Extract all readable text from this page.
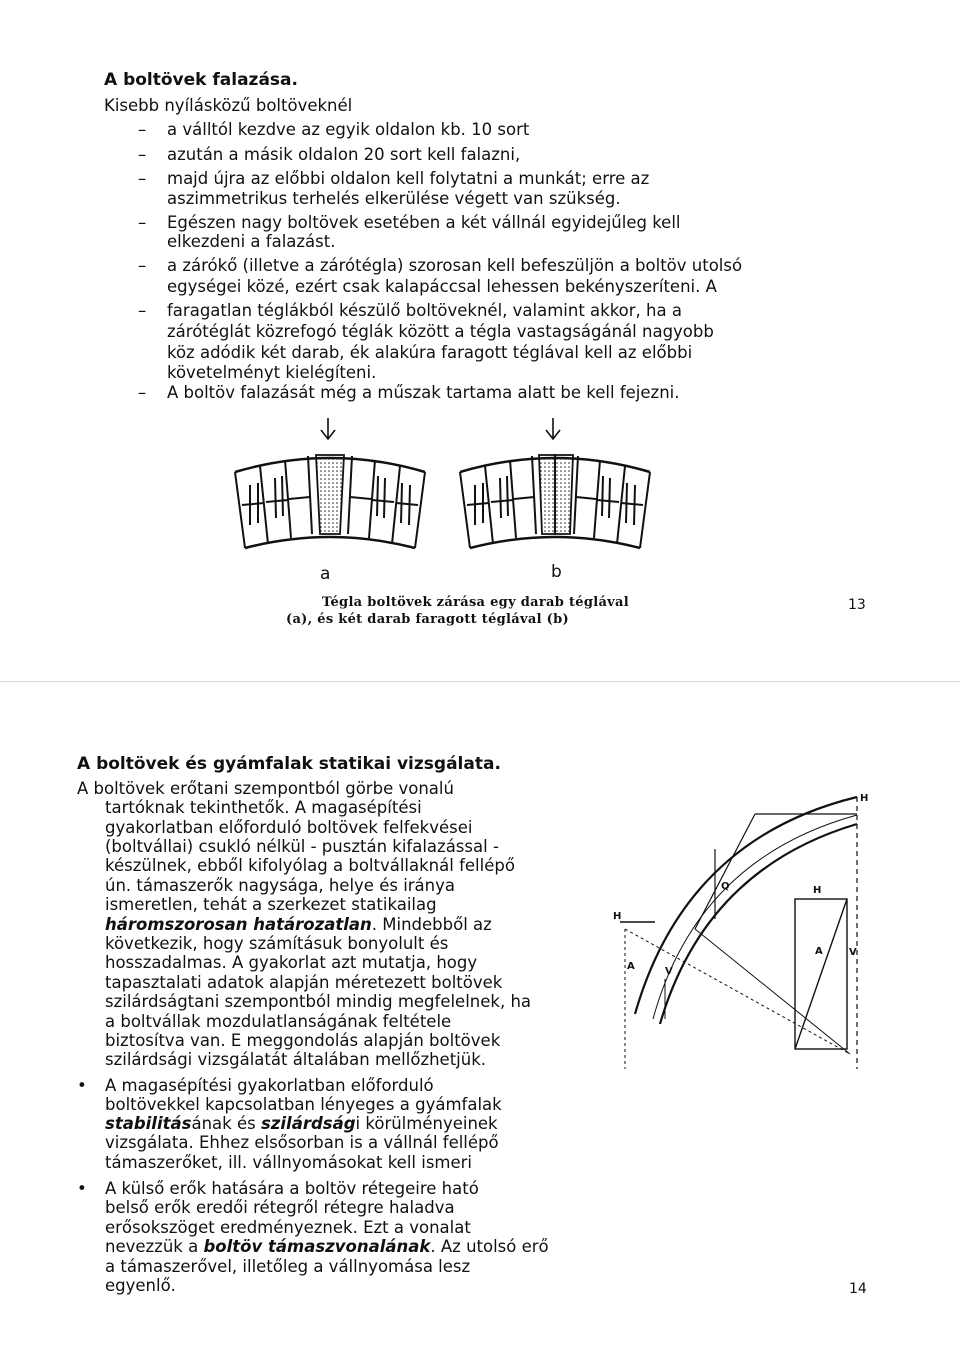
A boltövek falazása.
Kisebb nyílásközű boltöveknél
– a válltól kezdve az egyik oldalon kb. 10 sort
– azután a másik oldalon 20 sort kell falazni,
– majd újra az előbbi oldalon kell folytatni a munkát; erre az
aszimmetrikus terhelés elkerülése végett van szükség.
– Egészen nagy boltövek esetében a két vállnál egyidejűleg kell
elkezdeni a falazást.
– a zárókő (illetve a zárótégla) szorosan kell befeszüljön a boltöv utolsó
egységei közé, ezért csak kalapáccsal lehessen bekényszeríteni. A
– faragatlan téglákból készülő boltöveknél, valamint akkor, ha a
zárótéglát közrefogó téglák között a tégla vastagságánál nagyobb
köz adódik két darab, ék alakúra faragott téglával kell az előbbi
követelményt kielégíteni.
– A boltöv falazását még a műszak tartama alatt be kell fejezni.
a	b
Tégla boltövek zárása egy darab téglával
(a), és két darab faragott téglával (b)
13
A boltövek és gyámfalak statikai vizsgálata.
A boltövek erőtani szempontból görbe vonalú
tartóknak tekinthetők. A magasépítési
gyakorlatban előforduló boltövek felfekvései
(boltvállai) csukló nélkül - pusztán kifalazással -
készülnek, ebből kifolyólag a boltvállaknál fellépő
ún. támaszerők nagysága, helye és iránya
ismeretlen, tehát a szerkezet statikailag
háromszorosan határozatlan. Mindebből az
következik, hogy számításuk bonyolult és
hosszadalmas. A gyakorlat azt mutatja, hogy
tapasztalati adatok alapján méretezett boltövek
szilárdságtani szempontból mindig megfelelnek, ha
a boltvállak mozdulatlanságának feltétele
biztosítva van. E meggondolás alapján boltövek
szilárdsági vizsgálatát általában mellőzhetjük.
• A magasépítési gyakorlatban előforduló
boltövekkel kapcsolatban lényeges a gyámfalak
stabilitásának és szilárdsági körülményeinek
vizsgálata. Ehhez elsősorban is a vállnál fellépő
támaszerőket, ill. vállnyomásokat kell ismeri
• A külső erők hatására a boltöv rétegeire ható
belső erők eredői rétegről rétegre haladva
erősokszöget eredményeznek. Ezt a vonalat
nevezzük a boltöv támaszvonalának. Az utolsó erő
a támaszerővel, illetőleg a vállnyomása lesz
egyenlő.
H
H
H
Q
A
A
V
V
14
